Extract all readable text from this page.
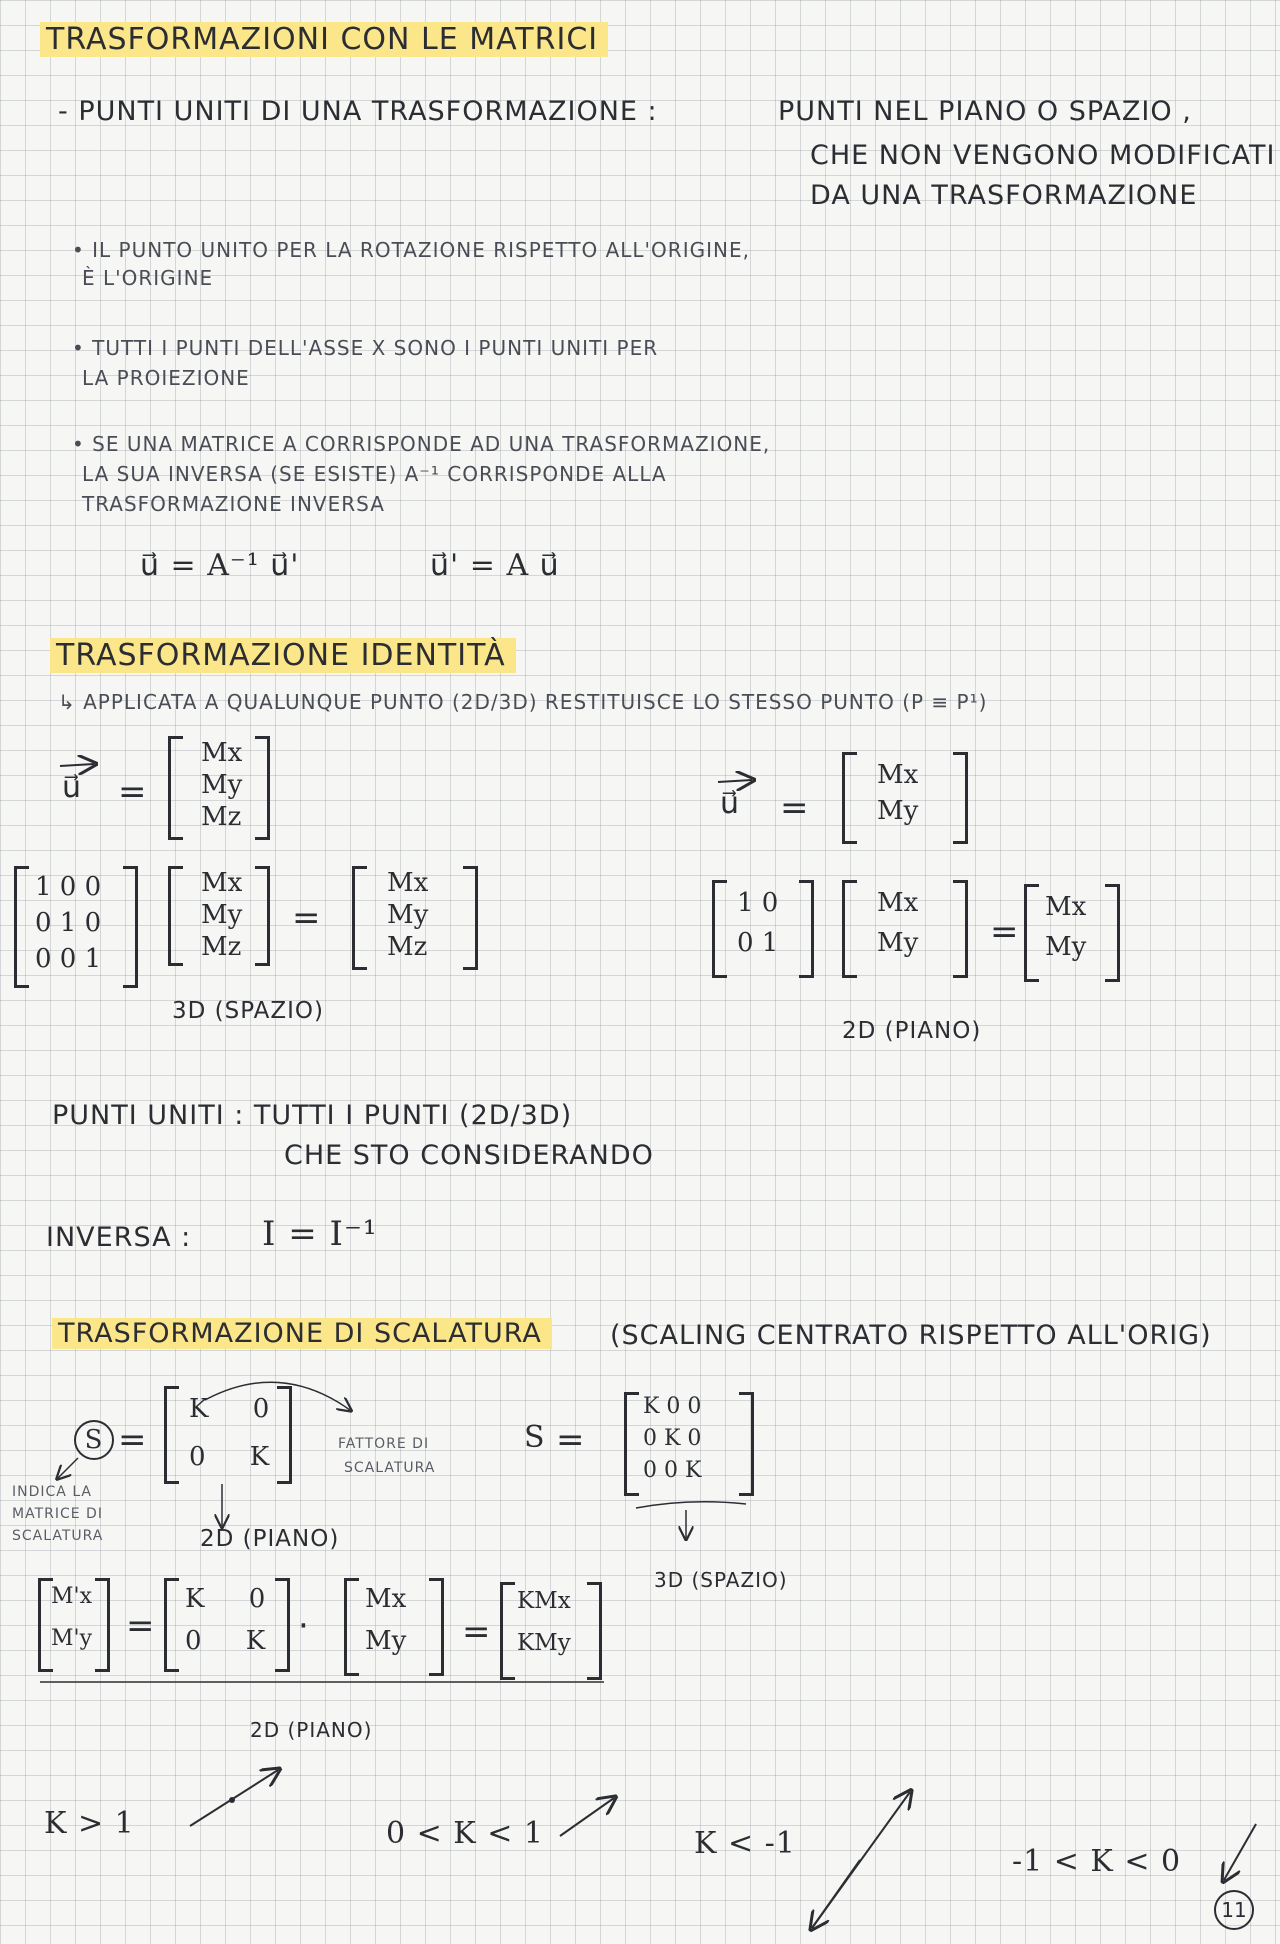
TRASFORMAZIONI CON LE MATRICI
- PUNTI UNITI DI UNA TRASFORMAZIONE :	PUNTI NEL PIANO O SPAZIO ,
CHE NON VENGONO MODIFICATI
DA UNA TRASFORMAZIONE
• IL PUNTO UNITO PER LA ROTAZIONE RISPETTO ALL'ORIGINE,
È L'ORIGINE
• TUTTI I PUNTI DELL'ASSE X SONO I PUNTI UNITI PER
LA PROIEZIONE
• SE UNA MATRICE A CORRISPONDE AD UNA TRASFORMAZIONE,
LA SUA INVERSA (SE ESISTE) A⁻¹ CORRISPONDE ALLA
TRASFORMAZIONE INVERSA
u⃗ = A⁻¹ u⃗'	u⃗' = A u⃗
TRASFORMAZIONE IDENTITÀ
↳ APPLICATA A QUALUNQUE PUNTO (2D/3D) RESTITUISCE LO STESSO PUNTO (P ≡ P¹)
u⃗ =
Mx
My
Mz
1 0 0
0 1 0
0 0 1
Mx
My
Mz
=
Mx
My
Mz
3D (SPAZIO)
u⃗ =
Mx
My
1 0
0 1
Mx
My =
Mx
My
2D (PIANO)
PUNTI UNITI : TUTTI I PUNTI (2D/3D)
CHE STO CONSIDERANDO
INVERSA : I = I⁻¹
TRASFORMAZIONE DI SCALATURA	(SCALING CENTRATO RISPETTO ALL'ORIG)
S =
K 0
0 K	FATTORE DI
SCALATURA
S =
K 0 0
0 K 0
0 0 K
INDICA LA
MATRICE DI
SCALATURA	2D (PIANO)
3D (SPAZIO)
M'x
M'y =
K 0
0 K ·
Mx
My =
KMx
KMy
2D (PIANO)
K > 1	0 < K < 1	K < -1
-1 < K < 0
11
